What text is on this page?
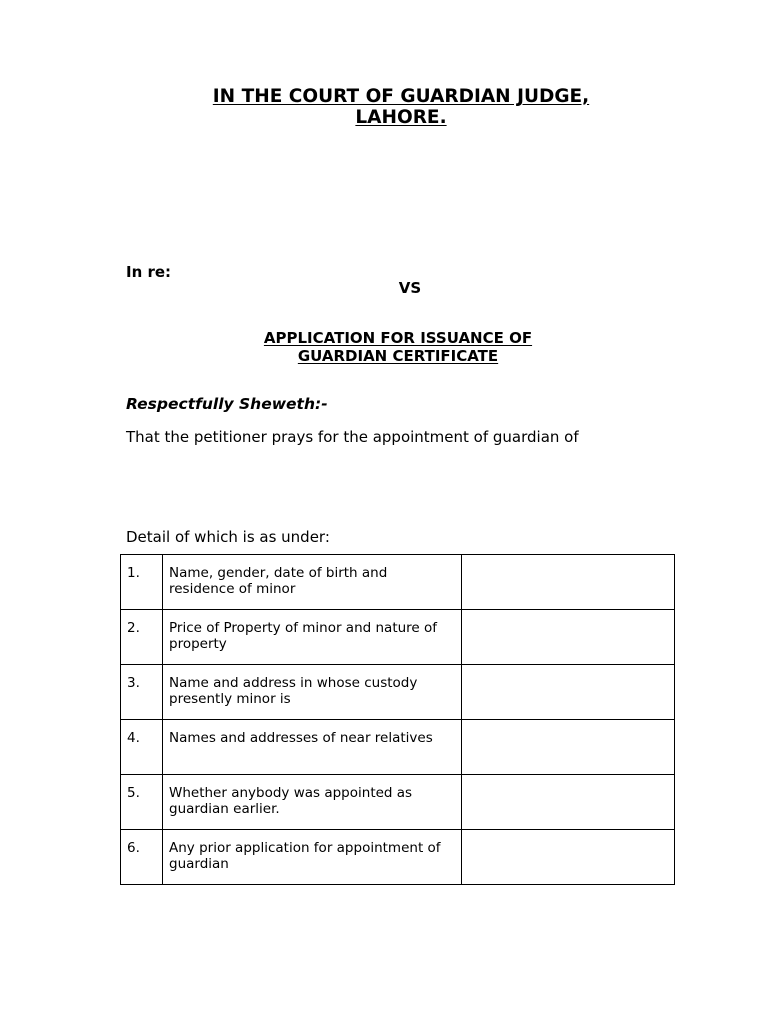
IN THE COURT OF GUARDIAN JUDGE,
LAHORE.
In re:
VS
APPLICATION FOR ISSUANCE OF
GUARDIAN CERTIFICATE
Respectfully Sheweth:-
That the petitioner prays for the appointment of guardian of
Detail of which is as under:
1.	Name, gender, date of birth and residence of minor	
2.	Price of Property of minor and nature of property	
3.	Name and address in whose custody presently minor is	
4.	Names and addresses of near relatives	
5.	Whether anybody was appointed as guardian earlier.	
6.	Any prior application for appointment of guardian	
